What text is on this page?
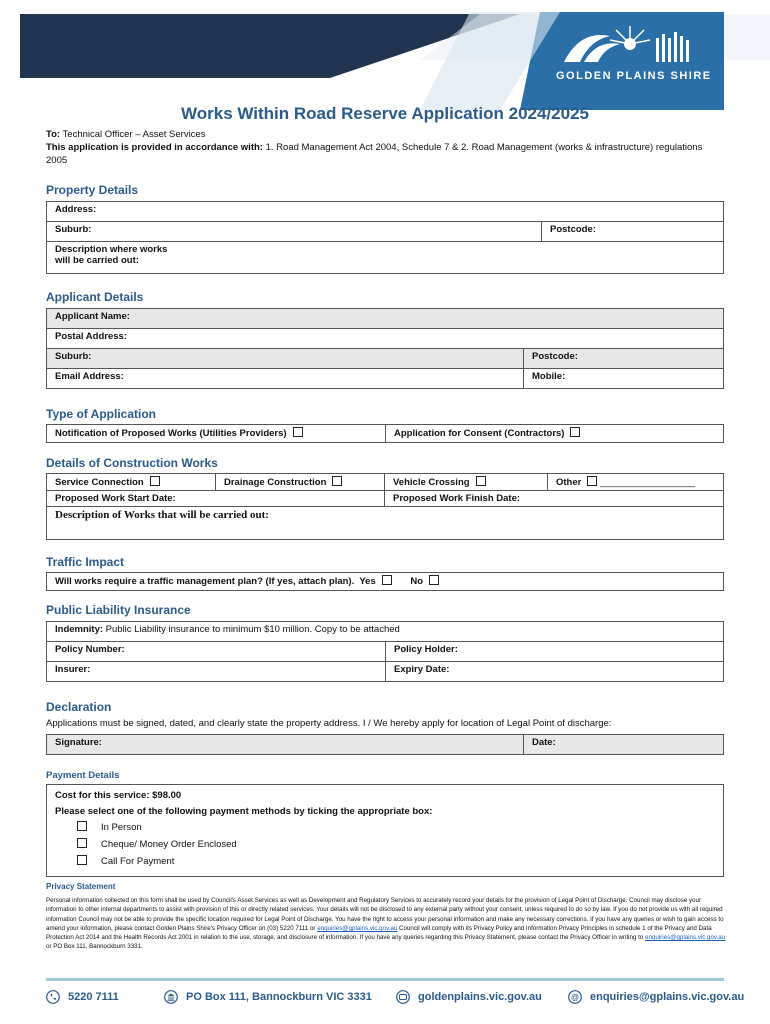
GOLDEN PLAINS SHIRE
Works Within Road Reserve Application 2024/2025
To: Technical Officer – Asset Services
This application is provided in accordance with: 1. Road Management Act 2004, Schedule 7 & 2. Road Management (works & infrastructure) regulations 2005
Property Details
Address:
Suburb:	Postcode:

Description where works will be carried out:
Applicant Details
Applicant Name:	
Postal Address:	
Suburb:	Postcode:
Email Address:	Mobile:
Type of Application
Notification of Proposed Works (Utilities Providers)	Application for Consent (Contractors)
Details of Construction Works
Service Connection	Drainage Construction	Vehicle Crossing	Other __________________
Proposed Work Start Date:		Proposed Work Finish Date:	
Description of Works that will be carried out:			
Traffic Impact
Will works require a traffic management plan? (If yes, attach plan). Yes	No
Public Liability Insurance
Indemnity: Public Liability insurance to minimum $10 million. Copy to be attached	
Policy Number:	Policy Holder:
Insurer:	Expiry Date:
Declaration
Applications must be signed, dated, and clearly state the property address. I / We hereby apply for location of Legal Point of discharge:
Signature:	Date:
Payment Details
Cost for this service: $98.00
Please select one of the following payment methods by ticking the appropriate box:
In Person
Cheque/ Money Order Enclosed
Call For Payment
Privacy Statement
Personal information collected on this form shall be used by Council's Asset Services as well as Development and Regulatory Services to accurately record your details for the provision of Legal Point of Discharge. Council may disclose your information to other internal departments to assist with provision of this or directly related services. Your details will not be disclosed to any external party without your consent, unless required to do so by law. If you do not provide us with all required information Council may not be able to provide the specific location required for Legal Point of Discharge. You have the right to access your personal information and make any necessary corrections. If you have any queries or wish to gain access to amend your information, please contact Golden Plains Shire's Privacy Officer on (03) 5220 7111 or enquiries@gplains.vic.gov.au Council will comply with its Privacy Policy and Information Privacy Principles in schedule 1 of the Privacy and Data Protection Act 2014 and the Health Records Act 2001 in relation to the use, storage, and disclosure of information. If you have any queries regarding this Privacy Statement, please contact the Privacy Officer in writing to enquiries@gplains.vic.gov.au or PO Box 111, Bannockburn 3331.
5220 7111	PO Box 111, Bannockburn VIC 3331	goldenplains.vic.gov.au	@ enquiries@gplains.vic.gov.au
